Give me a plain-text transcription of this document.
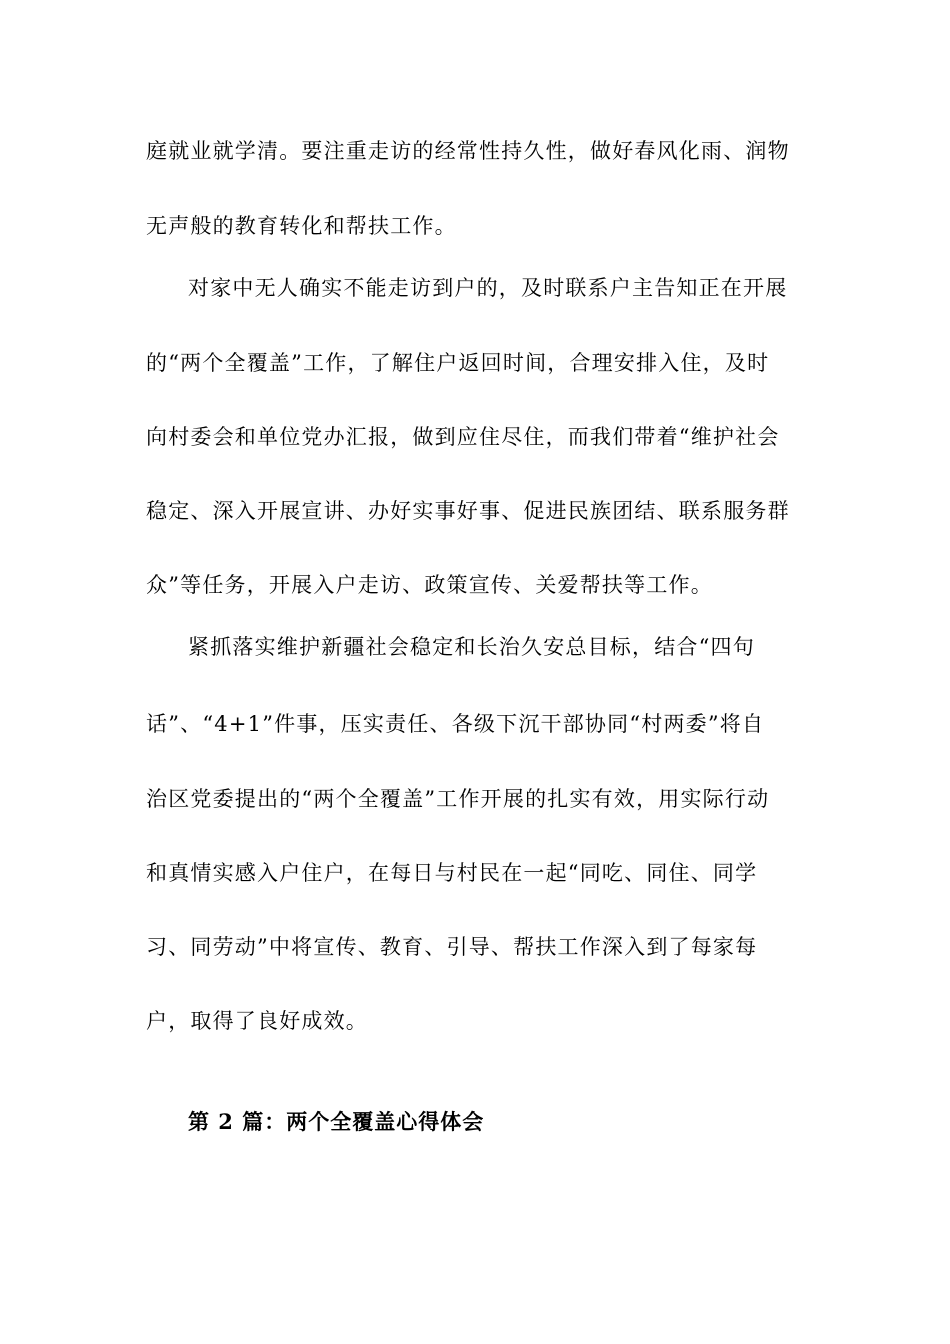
庭就业就学清。要注重走访的经常性持久性，做好春风化雨、润物
无声般的教育转化和帮扶工作。
对家中无人确实不能走访到户的，及时联系户主告知正在开展
的“两个全覆盖”工作，了解住户返回时间，合理安排入住，及时
向村委会和单位党办汇报，做到应住尽住，而我们带着“维护社会
稳定、深入开展宣讲、办好实事好事、促进民族团结、联系服务群
众”等任务，开展入户走访、政策宣传、关爱帮扶等工作。
紧抓落实维护新疆社会稳定和长治久安总目标，结合“四句
话”、“4+1”件事，压实责任、各级下沉干部协同“村两委”将自
治区党委提出的“两个全覆盖”工作开展的扎实有效，用实际行动
和真情实感入户住户，在每日与村民在一起“同吃、同住、同学
习、同劳动”中将宣传、教育、引导、帮扶工作深入到了每家每
户，取得了良好成效。
第 2 篇：两个全覆盖心得体会
